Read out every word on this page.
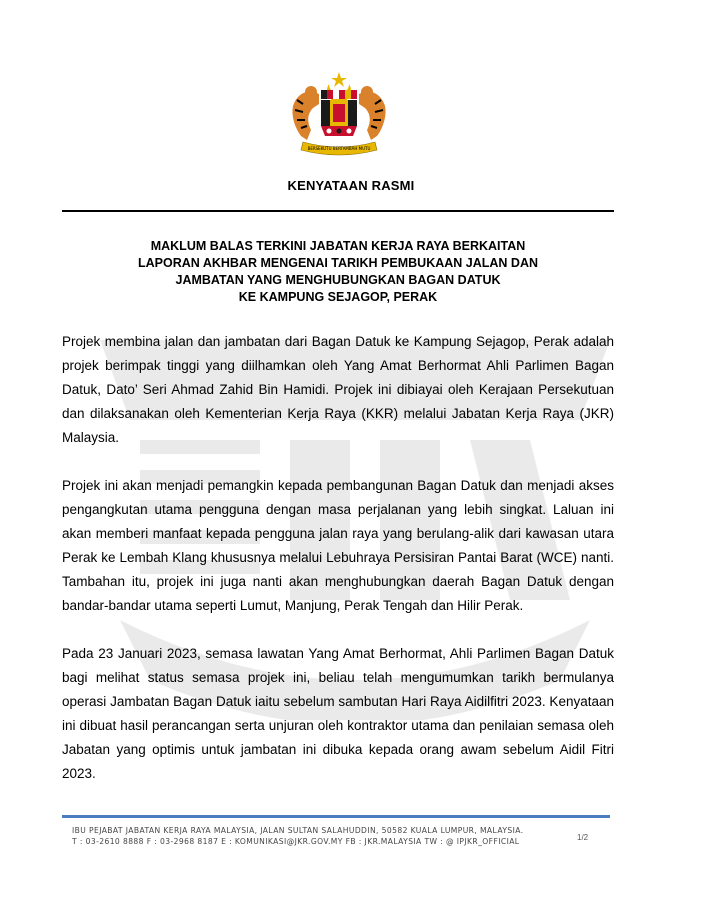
BERSEKUTU BERTAMBAH MUTU
KENYATAAN RASMI
MAKLUM BALAS TERKINI JABATAN KERJA RAYA BERKAITAN
LAPORAN AKHBAR MENGENAI TARIKH PEMBUKAAN JALAN DAN
JAMBATAN YANG MENGHUBUNGKAN BAGAN DATUK
KE KAMPUNG SEJAGOP, PERAK

Projek membina jalan dan jambatan dari Bagan Datuk ke Kampung Sejagop, Perak adalah projek berimpak tinggi yang diilhamkan oleh Yang Amat Berhormat Ahli Parlimen Bagan Datuk, Dato’ Seri Ahmad Zahid Bin Hamidi. Projek ini dibiayai oleh Kerajaan Persekutuan dan dilaksanakan oleh Kementerian Kerja Raya (KKR) melalui Jabatan Kerja Raya (JKR) Malaysia.

Projek ini akan menjadi pemangkin kepada pembangunan Bagan Datuk dan menjadi akses pengangkutan utama pengguna dengan masa perjalanan yang lebih singkat. Laluan ini akan memberi manfaat kepada pengguna jalan raya yang berulang-alik dari kawasan utara Perak ke Lembah Klang khususnya melalui Lebuhraya Persisiran Pantai Barat (WCE) nanti. Tambahan itu, projek ini juga nanti akan menghubungkan daerah Bagan Datuk dengan bandar-bandar utama seperti Lumut, Manjung, Perak Tengah dan Hilir Perak.

Pada 23 Januari 2023, semasa lawatan Yang Amat Berhormat, Ahli Parlimen Bagan Datuk bagi melihat status semasa projek ini, beliau telah mengumumkan tarikh bermulanya operasi Jambatan Bagan Datuk iaitu sebelum sambutan Hari Raya Aidilfitri 2023. Kenyataan ini dibuat hasil perancangan serta unjuran oleh kontraktor utama dan penilaian semasa oleh Jabatan yang optimis untuk jambatan ini dibuka kepada orang awam sebelum Aidil Fitri 2023.

IBU PEJABAT JABATAN KERJA RAYA MALAYSIA, JALAN SULTAN SALAHUDDIN, 50582 KUALA LUMPUR, MALAYSIA.
T : 03-2610 8888 F : 03-2968 8187 E : KOMUNIKASI@JKR.GOV.MY FB : JKR.MALAYSIA TW : @ IPJKR_OFFICIAL	1/2
